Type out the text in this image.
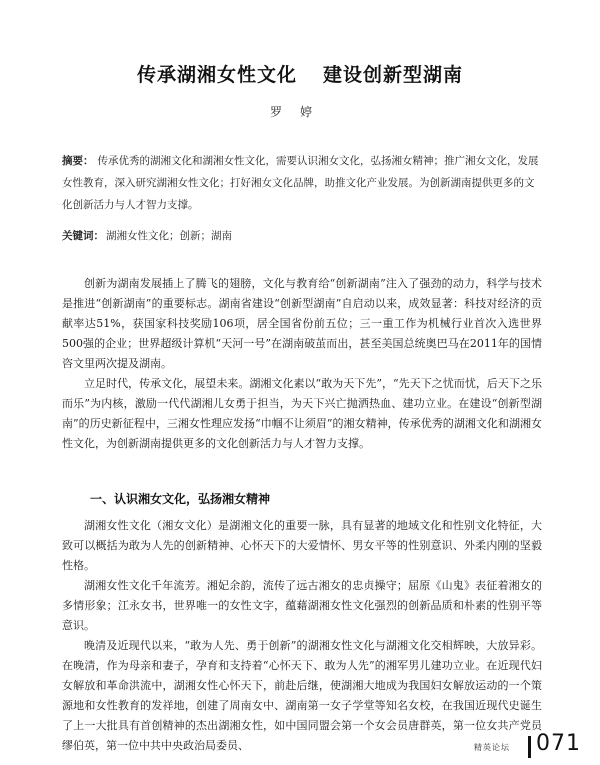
传承湖湘女性文化 建设创新型湖南
罗婷
摘要： 传承优秀的湖湘文化和湖湘女性文化，需要认识湘女文化，弘扬湘女精神；推广湘女文化，发展女性教育，深入研究湖湘女性文化；打好湘女文化品牌，助推文化产业发展。为创新湖南提供更多的文化创新活力与人才智力支撑。
关键词： 湖湘女性文化；创新；湖南

创新为湖南发展插上了腾飞的翅膀，文化与教育给“创新湖南”注入了强劲的动力，科学与技术是推进“创新湖南”的重要标志。湖南省建设“创新型湖南”自启动以来，成效显著：科技对经济的贡献率达51%，获国家科技奖励106项，居全国省份前五位；三一重工作为机械行业首次入选世界500强的企业；世界超级计算机“天河一号”在湖南破茧而出，甚至美国总统奥巴马在2011年的国情咨文里两次提及湖南。

立足时代，传承文化，展望未来。湖湘文化素以“敢为天下先”，“先天下之忧而忧，后天下之乐而乐”为内核，激励一代代湖湘儿女勇于担当，为天下兴亡抛洒热血、建功立业。在建设“创新型湖南”的历史新征程中，三湘女性理应发扬“巾帼不让须眉”的湘女精神，传承优秀的湖湘文化和湖湘女性文化，为创新湖南提供更多的文化创新活力与人才智力支撑。

一、认识湘女文化，弘扬湘女精神

湖湘女性文化（湘女文化）是湖湘文化的重要一脉，具有显著的地域文化和性别文化特征，大致可以概括为敢为人先的创新精神、心怀天下的大爱情怀、男女平等的性别意识、外柔内刚的坚毅性格。

湖湘女性文化千年流芳。湘妃余韵，流传了远古湘女的忠贞操守；屈原《山鬼》表征着湘女的多情形象；江永女书，世界唯一的女性文字，蕴藉湖湘女性文化强烈的创新品质和朴素的性别平等意识。

晚清及近现代以来，“敢为人先、勇于创新”的湖湘女性文化与湖湘文化交相辉映，大放异彩。在晚清，作为母亲和妻子，孕育和支持着“心怀天下、敢为人先”的湘军男儿建功立业。在近现代妇女解放和革命洪流中，湖湘女性心怀天下，前赴后继，使湖湘大地成为我国妇女解放运动的一个策源地和女性教育的发祥地，创建了周南女中、湖南第一女子学堂等知名女校，在我国近现代史诞生了上一大批具有首创精神的杰出湖湘女性，如中国同盟会第一个女会员唐群英，第一位女共产党员缪伯英，第一位中共中央政治局委员、	精英论坛 071
